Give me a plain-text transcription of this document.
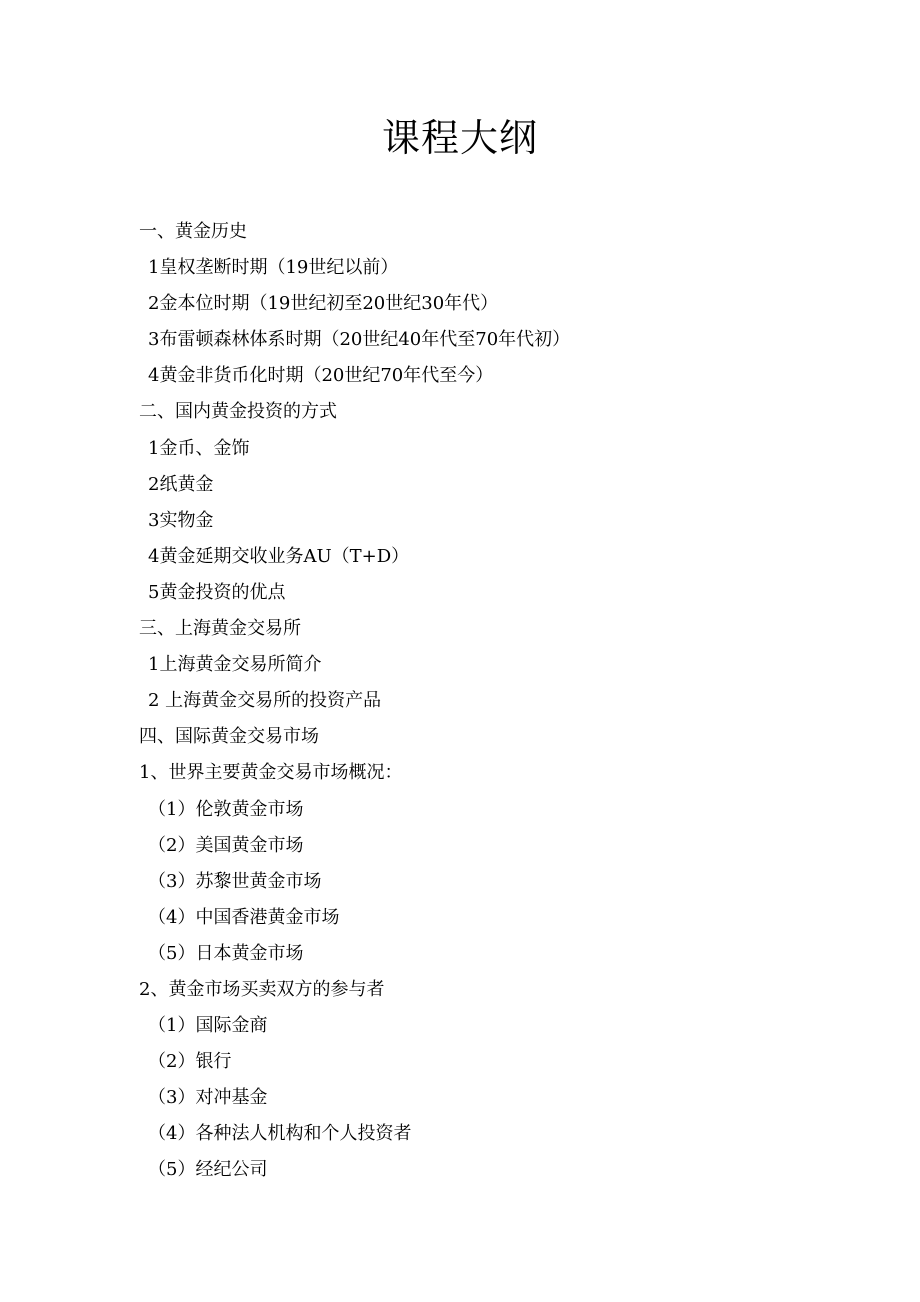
课程大纲
一、黄金历史
1皇权垄断时期（19世纪以前）
2金本位时期（19世纪初至20世纪30年代）
3布雷顿森林体系时期（20世纪40年代至70年代初）
4黄金非货币化时期（20世纪70年代至今）
二、国内黄金投资的方式
1金币、金饰
2纸黄金
3实物金
4黄金延期交收业务AU（T+D）
5黄金投资的优点
三、上海黄金交易所
1上海黄金交易所简介
2 上海黄金交易所的投资产品
四、国际黄金交易市场
1、世界主要黄金交易市场概况：
（1）伦敦黄金市场
（2）美国黄金市场
（3）苏黎世黄金市场
（4）中国香港黄金市场
（5）日本黄金市场
2、黄金市场买卖双方的参与者
（1）国际金商
（2）银行
（3）对冲基金
（4）各种法人机构和个人投资者
（5）经纪公司
